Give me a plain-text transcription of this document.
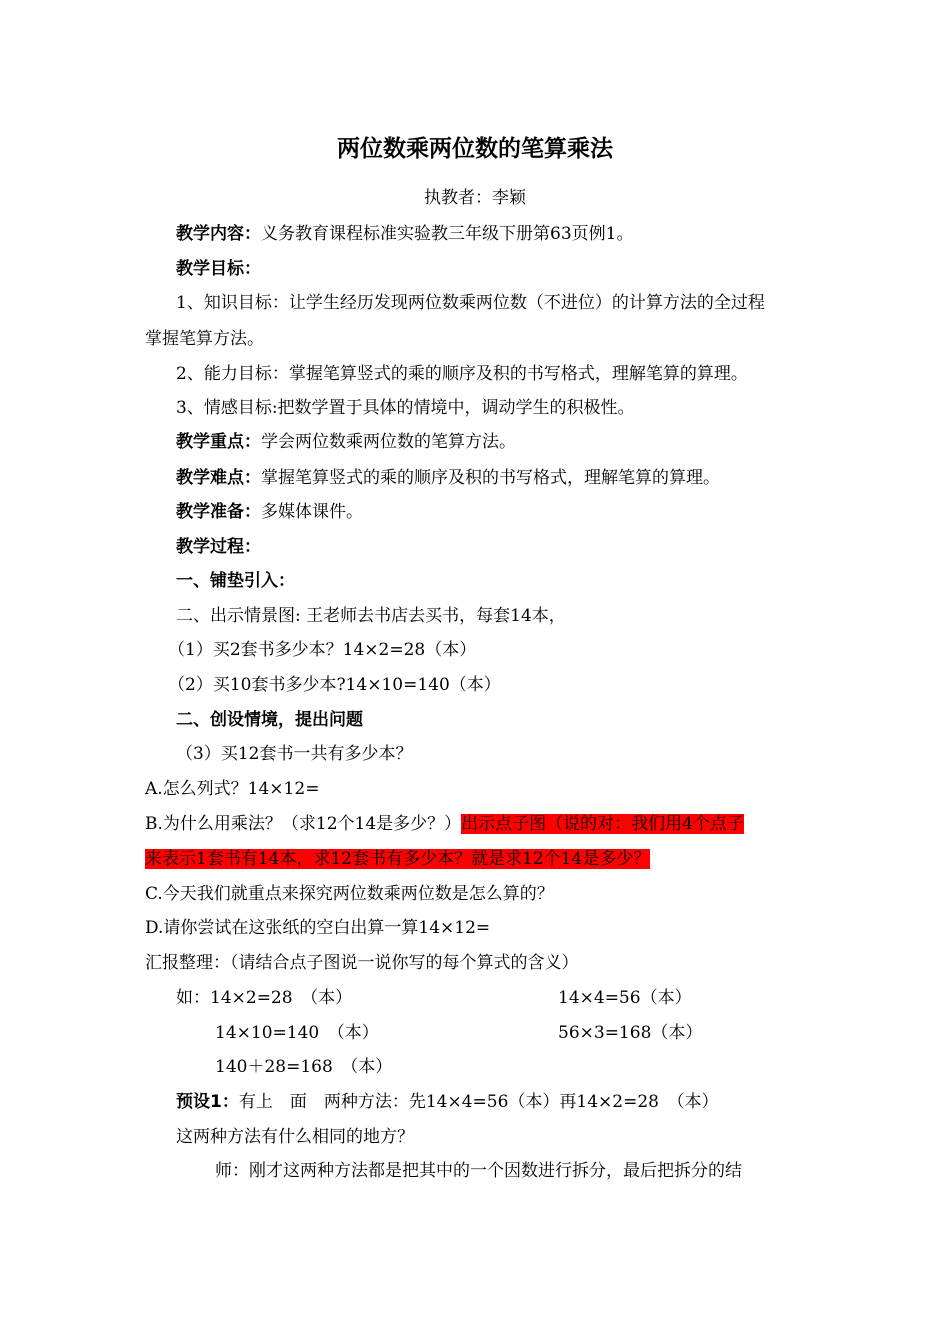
两位数乘两位数的笔算乘法
执教者：李颖
教学内容：义务教育课程标准实验教三年级下册第63页例1。
教学目标：
1、知识目标：让学生经历发现两位数乘两位数（不进位）的计算方法的全过程
掌握笔算方法。
2、能力目标：掌握笔算竖式的乘的顺序及积的书写格式，理解笔算的算理。
3、情感目标:把数学置于具体的情境中，调动学生的积极性。
教学重点：学会两位数乘两位数的笔算方法。
教学难点：掌握笔算竖式的乘的顺序及积的书写格式，理解笔算的算理。
教学准备：多媒体课件。
教学过程：
一、铺垫引入：
二、出示情景图: 王老师去书店去买书，每套14本，
（1）买2套书多少本？14×2=28（本）
（2）买10套书多少本?14×10=140（本）
二、创设情境，提出问题
（3）买12套书一共有多少本？
A.怎么列式？14×12=
B.为什么用乘法？（求12个14是多少？）出示点子图（说的对：我们用4个点子
来表示1套书有14本，求12套书有多少本？就是求12个14是多少？
C.今天我们就重点来探究两位数乘两位数是怎么算的？
D.请你尝试在这张纸的空白出算一算14×12=
汇报整理：（请结合点子图说一说你写的每个算式的含义）
如：14×2=28　（本）	14×4=56（本）
14×10=140　（本）	56×3=168（本）
140＋28=168　（本）
预设1：有上　面　两种方法：先14×4=56（本）再14×2=28　（本）
这两种方法有什么相同的地方？
师：刚才这两种方法都是把其中的一个因数进行拆分，最后把拆分的结
